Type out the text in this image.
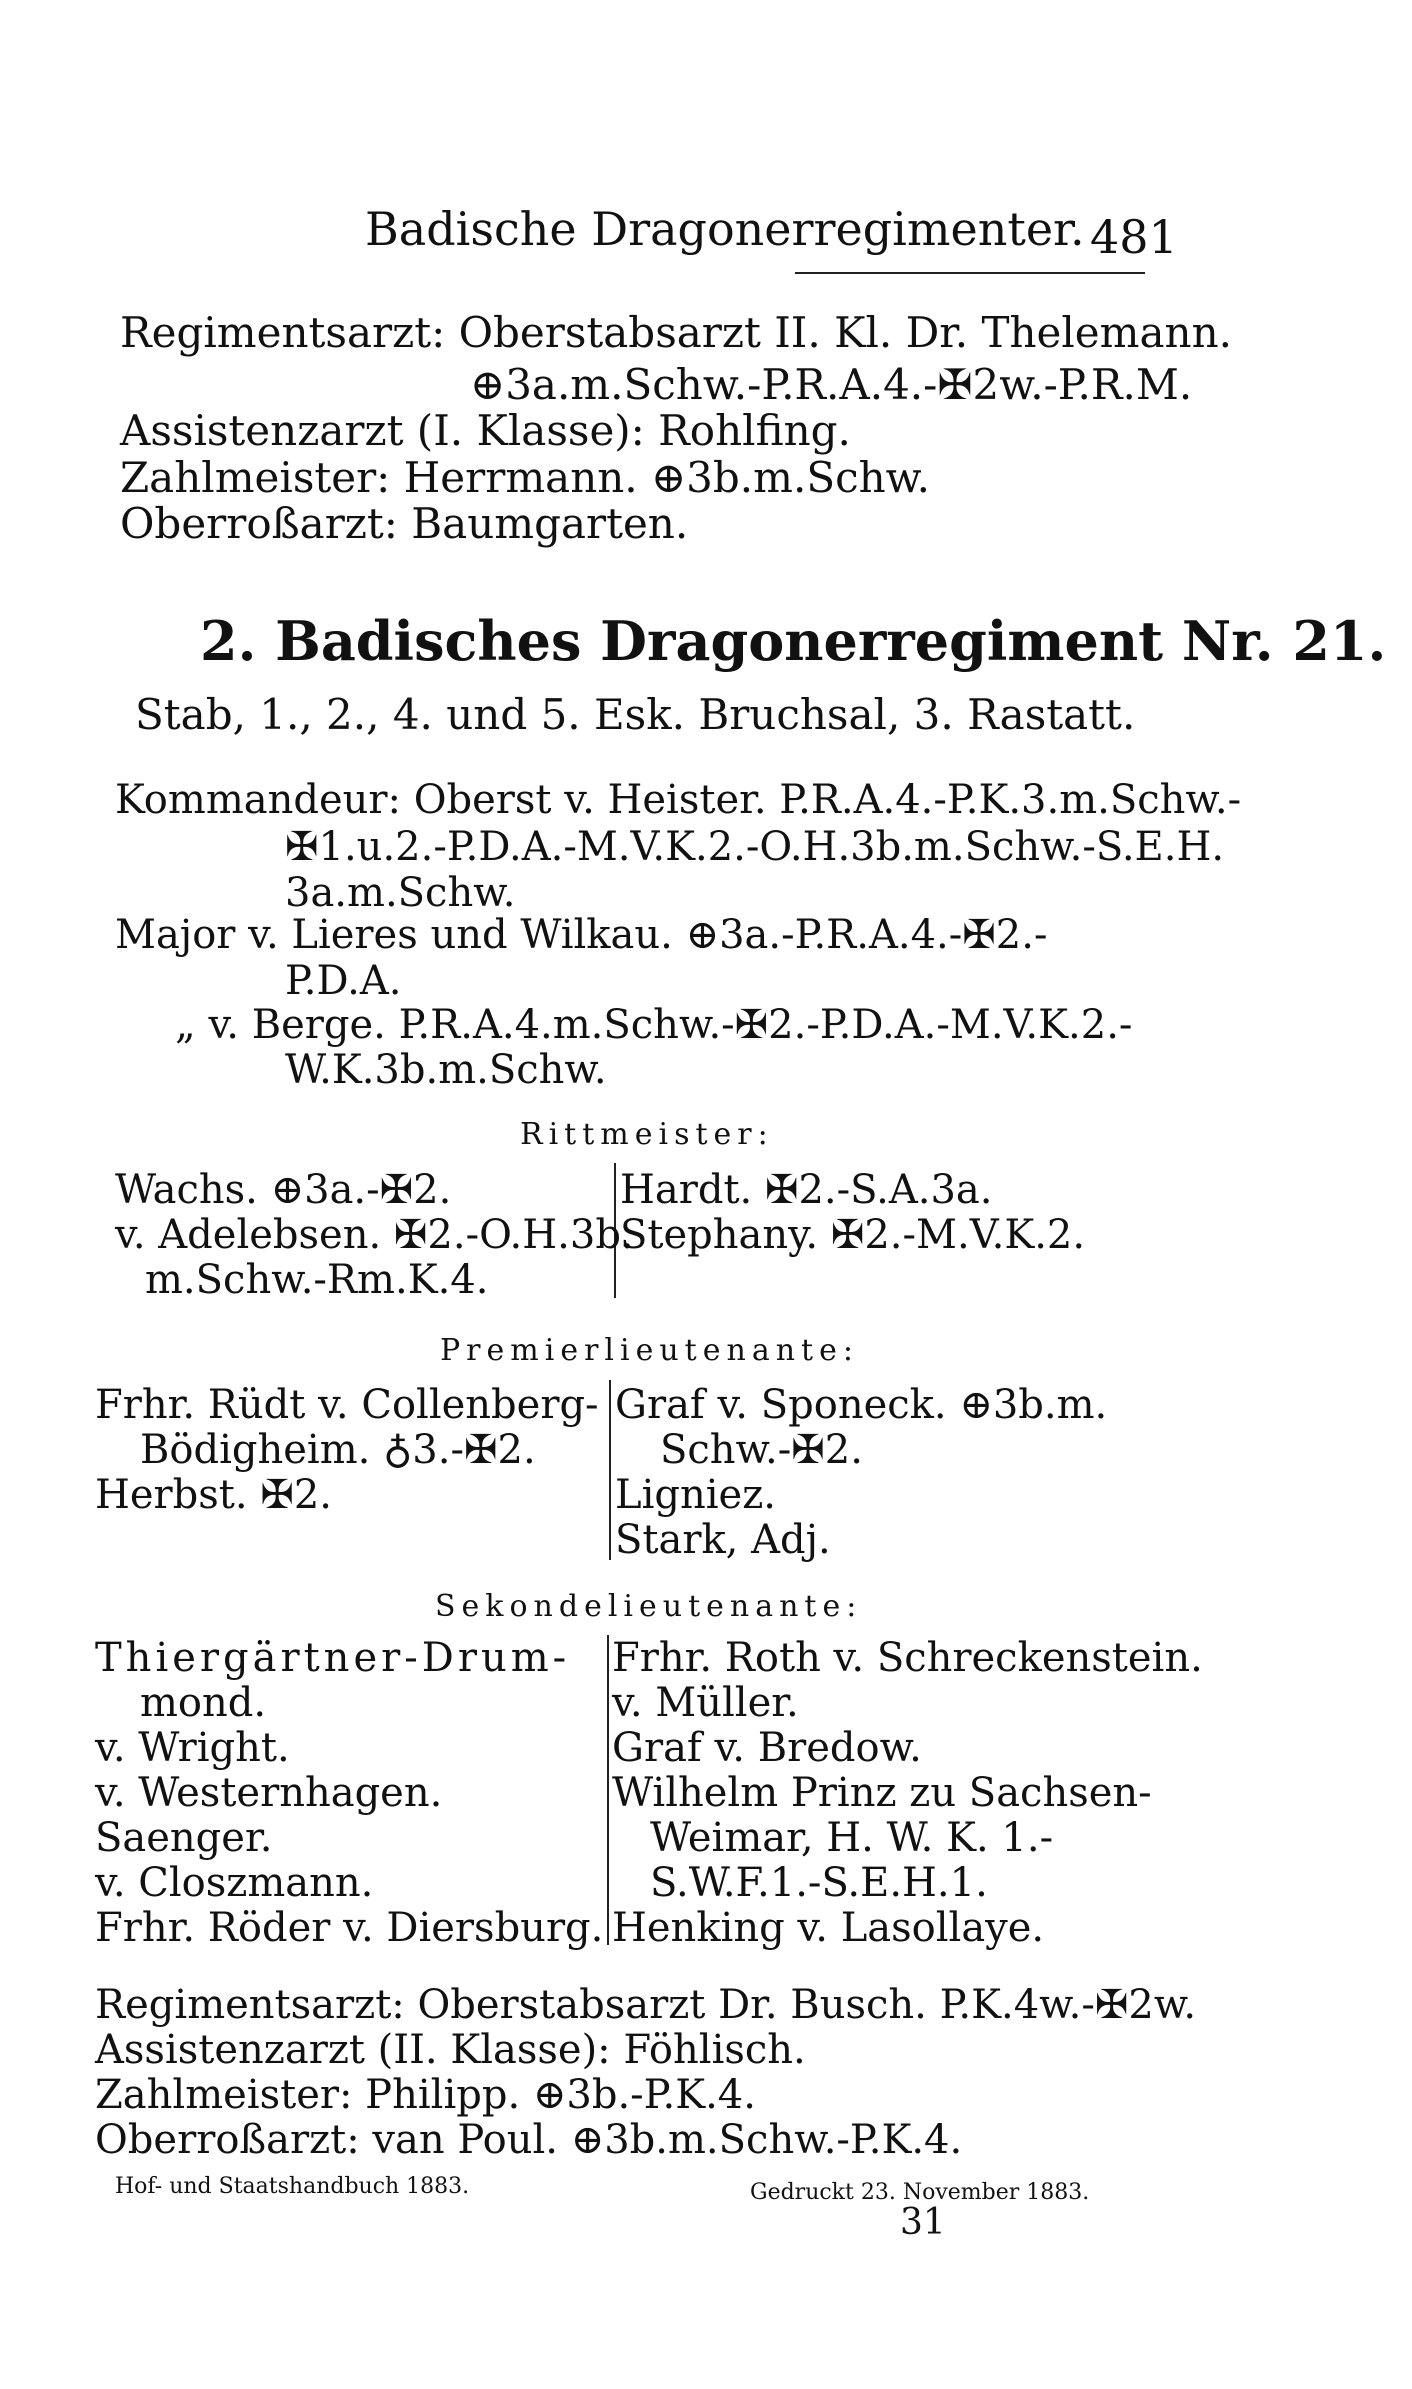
Badische Dragonerregimenter. 481
Regimentsarzt: Oberstabsarzt II. Kl. Dr. Thelemann.
⊕3a.m.Schw.-P.R.A.4.-✠2w.-P.R.M.
Assistenzarzt (I. Klasse): Rohlfing.
Zahlmeister: Herrmann. ⊕3b.m.Schw.
Oberroßarzt: Baumgarten.
2. Badisches Dragonerregiment Nr. 21.
Stab, 1., 2., 4. und 5. Esk. Bruchsal, 3. Rastatt.
Kommandeur: Oberst v. Heister. P.R.A.4.-P.K.3.m.Schw.-
✠1.u.2.-P.D.A.-M.V.K.2.-O.H.3b.m.Schw.-S.E.H.
3a.m.Schw.
Major v. Lieres und Wilkau. ⊕3a.-P.R.A.4.-✠2.-
P.D.A.
„ v. Berge. P.R.A.4.m.Schw.-✠2.-P.D.A.-M.V.K.2.-
W.K.3b.m.Schw.
Rittmeister:
Wachs. ⊕3a.-✠2.
v. Adelebsen. ✠2.-O.H.3b.
m.Schw.-Rm.K.4.
Hardt. ✠2.-S.A.3a.
Stephany. ✠2.-M.V.K.2.
Premierlieutenante:
Frhr. Rüdt v. Collenberg-
Bödigheim. ♁3.-✠2.
Herbst. ✠2.
Graf v. Sponeck. ⊕3b.m.
Schw.-✠2.
Ligniez.
Stark, Adj.
Sekondelieutenante:
Thiergärtner-Drum-
mond.
v. Wright.
v. Westernhagen.
Saenger.
v. Closzmann.
Frhr. Röder v. Diersburg.
Frhr. Roth v. Schreckenstein.
v. Müller.
Graf v. Bredow.
Wilhelm Prinz zu Sachsen-
Weimar, H. W. K. 1.-
S.W.F.1.-S.E.H.1.
Henking v. Lasollaye.
Regimentsarzt: Oberstabsarzt Dr. Busch. P.K.4w.-✠2w.
Assistenzarzt (II. Klasse): Föhlisch.
Zahlmeister: Philipp. ⊕3b.-P.K.4.
Oberroßarzt: van Poul. ⊕3b.m.Schw.-P.K.4.
Hof- und Staatshandbuch 1883.	Gedruckt 23. November 1883.
31
